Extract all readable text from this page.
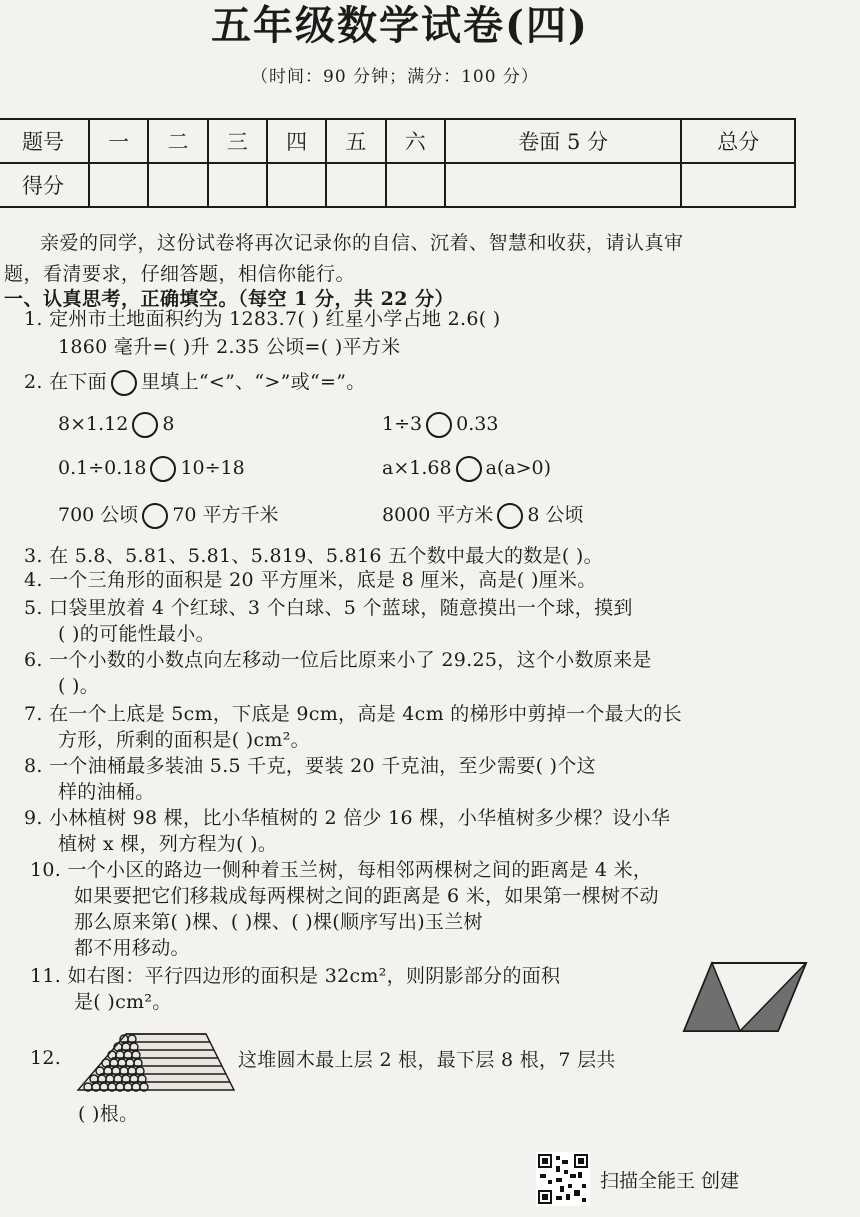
五年级数学试卷(四)
（时间：90 分钟；满分：100 分）
题号	一	二	三	四	五	六	卷面 5 分	总分
得分								
亲爱的同学，这份试卷将再次记录你的自信、沉着、智慧和收获，请认真审
题，看清要求，仔细答题，相信你能行。
一、认真思考，正确填空。（每空 1 分，共 22 分）
1. 定州市土地面积约为 1283.7( ) 红星小学占地 2.6( )
1860 毫升=( )升 2.35 公顷=( )平方米
2. 在下面 里填上“<”、“>”或“=”。
8×1.12 8	1÷3 0.33
0.1÷0.18 10÷18	a×1.68 a(a>0)
700 公顷 70 平方千米	8000 平方米 8 公顷
3. 在 5.8、5.81、5.81、5.819、5.816 五个数中最大的数是( )。
4. 一个三角形的面积是 20 平方厘米，底是 8 厘米，高是( )厘米。
5. 口袋里放着 4 个红球、3 个白球、5 个蓝球，随意摸出一个球，摸到
( )的可能性最小。
6. 一个小数的小数点向左移动一位后比原来小了 29.25，这个小数原来是
( )。
7. 在一个上底是 5cm，下底是 9cm，高是 4cm 的梯形中剪掉一个最大的长
方形，所剩的面积是( )cm²。
8. 一个油桶最多装油 5.5 千克，要装 20 千克油，至少需要( )个这
样的油桶。
9. 小林植树 98 棵，比小华植树的 2 倍少 16 棵，小华植树多少棵？设小华
植树 x 棵，列方程为( )。
10. 一个小区的路边一侧种着玉兰树，每相邻两棵树之间的距离是 4 米，
如果要把它们移栽成每两棵树之间的距离是 6 米，如果第一棵树不动
那么原来第( )棵、( )棵、( )棵(顺序写出)玉兰树
都不用移动。
11. 如右图：平行四边形的面积是 32cm²，则阴影部分的面积
是( )cm²。
12.	这堆圆木最上层 2 根，最下层 8 根，7 层共
( )根。
扫描全能王 创建
